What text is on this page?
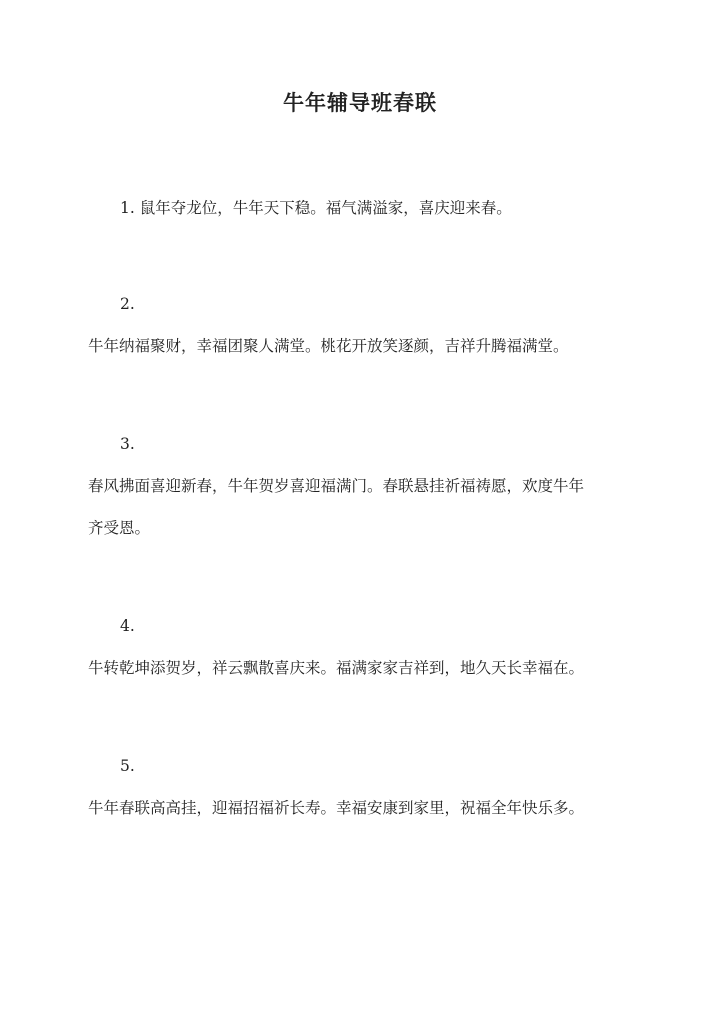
牛年辅导班春联
1. 鼠年夺龙位，牛年天下稳。福气满溢家，喜庆迎来春。
2.
牛年纳福聚财，幸福团聚人满堂。桃花开放笑逐颜，吉祥升腾福满堂。
3.
春风拂面喜迎新春，牛年贺岁喜迎福满门。春联悬挂祈福祷愿，欢度牛年
齐受恩。
4.
牛转乾坤添贺岁，祥云飘散喜庆来。福满家家吉祥到，地久天长幸福在。
5.
牛年春联高高挂，迎福招福祈长寿。幸福安康到家里，祝福全年快乐多。
